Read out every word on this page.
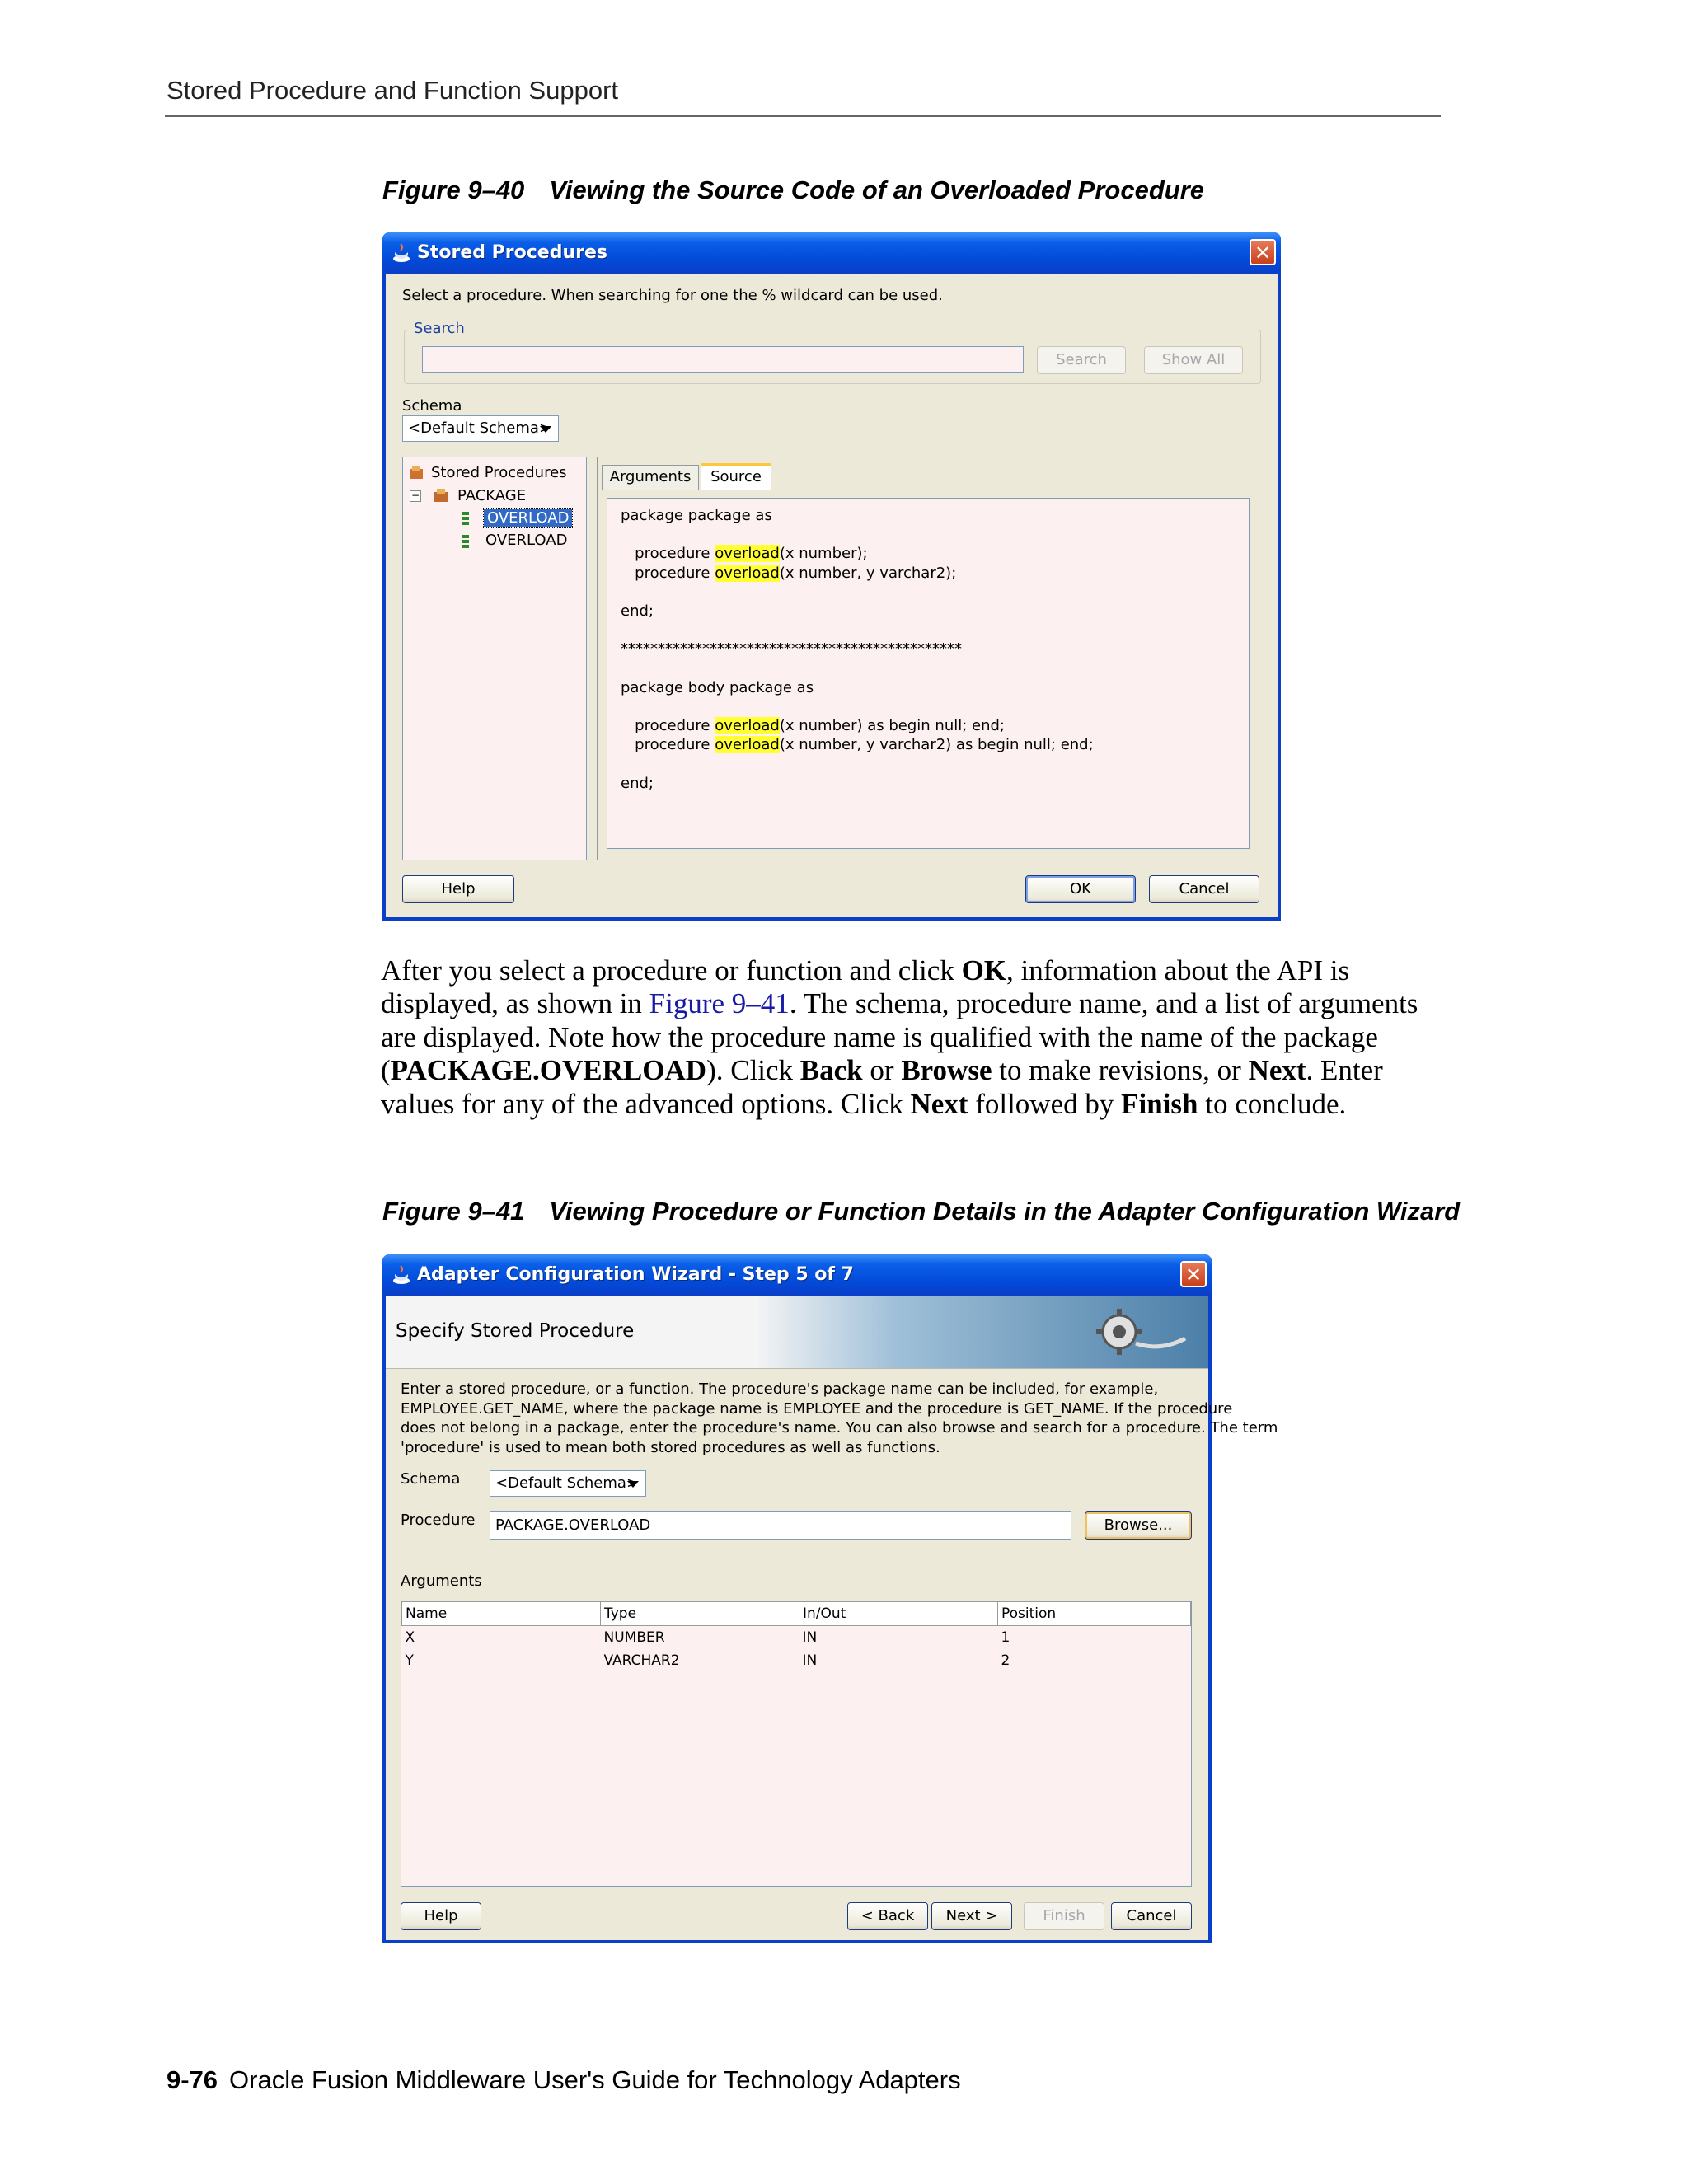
Stored Procedure and Function Support
Figure 9–40 Viewing the Source Code of an Overloaded Procedure
Stored Procedures	✕
Select a procedure. When searching for one the % wildcard can be used.
Search
Search	Show All
Schema
<Default Schema>
Stored Procedures
−	PACKAGE
OVERLOAD
OVERLOAD
Arguments	Source
package package as
procedure overload(x number);
procedure overload(x number, y varchar2);
end;
**********************************************
package body package as
procedure overload(x number) as begin null; end;
procedure overload(x number, y varchar2) as begin null; end;
end;
Help	OK	Cancel
After you select a procedure or function and click OK, information about the API is displayed, as shown in Figure 9–41. The schema, procedure name, and a list of arguments are displayed. Note how the procedure name is qualified with the name of the package (PACKAGE.OVERLOAD). Click Back or Browse to make revisions, or Next. Enter values for any of the advanced options. Click Next followed by Finish to conclude.
Figure 9–41 Viewing Procedure or Function Details in the Adapter Configuration Wizard
Adapter Configuration Wizard - Step 5 of 7	✕
Specify Stored Procedure
Enter a stored procedure, or a function. The procedure's package name can be included, for example,
EMPLOYEE.GET_NAME, where the package name is EMPLOYEE and the procedure is GET_NAME. If the procedure
does not belong in a package, enter the procedure's name. You can also browse and search for a procedure. The term
'procedure' is used to mean both stored procedures as well as functions.
Schema	<Default Schema>
Procedure	PACKAGE.OVERLOAD	Browse...
Arguments
Name	Type	In/Out	Position
X	NUMBER	IN	1
Y	VARCHAR2	IN	2
Help	< Back	Next >	Finish	Cancel
9-76 Oracle Fusion Middleware User's Guide for Technology Adapters
